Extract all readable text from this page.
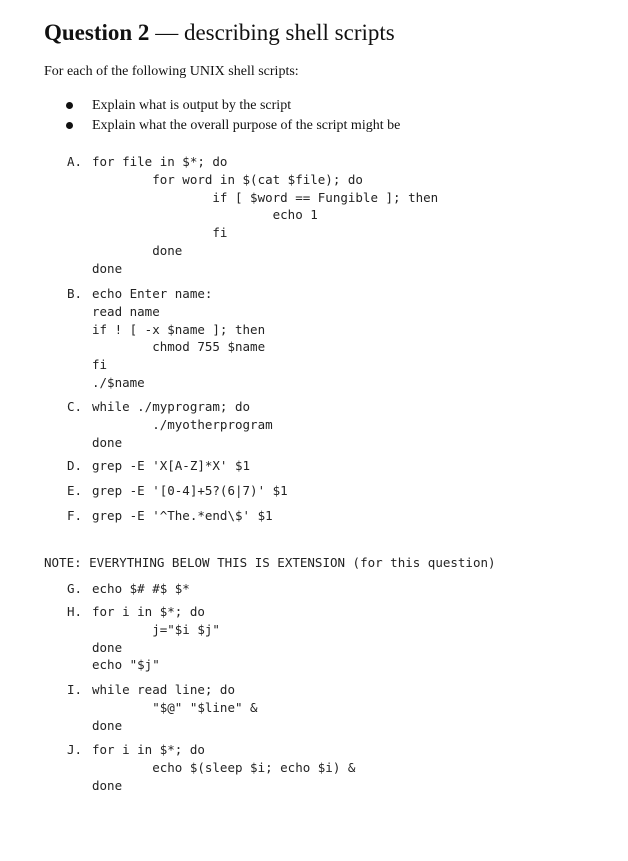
Question 2 — describing shell scripts
For each of the following UNIX shell scripts:
Explain what is output by the script
Explain what the overall purpose of the script might be
A. for file in $*; do
for word in $(cat $file); do
if [ $word == Fungible ]; then
echo 1
fi
done
done
B. echo Enter name:
read name
if ! [ -x $name ]; then
chmod 755 $name
fi
./$name
C. while ./myprogram; do
./myotherprogram
done
D. grep -E 'X[A-Z]*X' $1
E. grep -E '[0-4]+5?(6|7)' $1
F. grep -E '^The.*end\$' $1
NOTE: EVERYTHING BELOW THIS IS EXTENSION (for this question)
G. echo $# #$ $*
H. for i in $*; do
j="$i $j"
done
echo "$j"
I. while read line; do
"$@" "$line" &
done
J. for i in $*; do
echo $(sleep $i; echo $i) &
done
